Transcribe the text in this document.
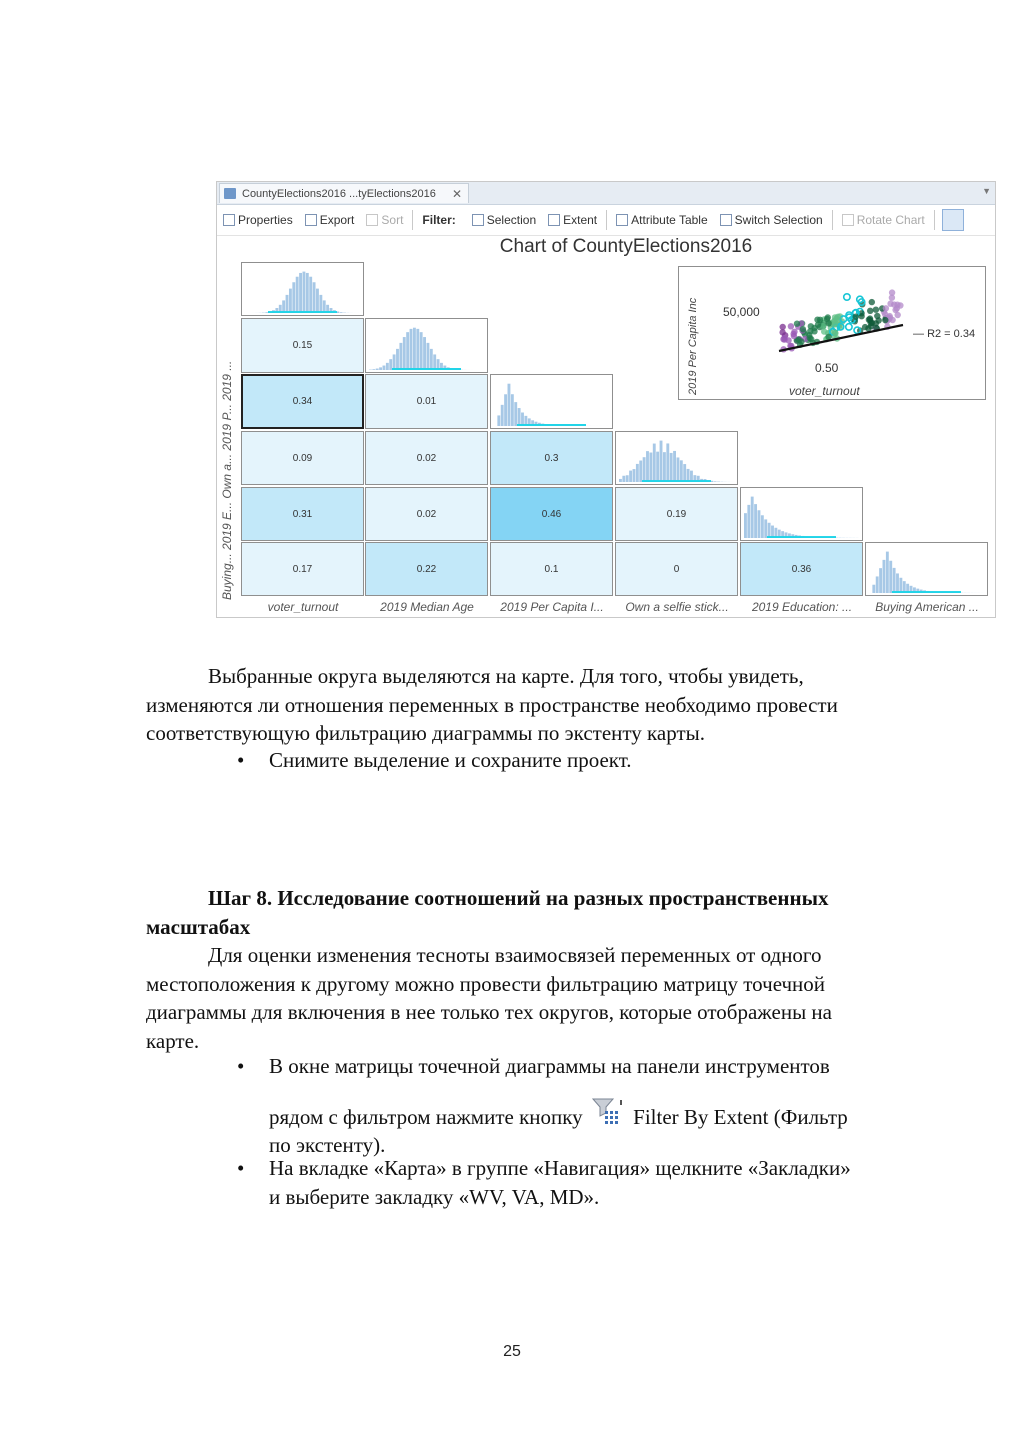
CountyElections2016 ...tyElections2016 ✕	▼
Properties Export Sort Filter:	Selection Extent	Attribute Table Switch Selection	Rotate Chart
Chart of CountyElections2016
Buying... 2019 E... Own a... 2019 P... 2019 ...
0.15
0.34	0.01
0.09	0.02	0.3
0.31	0.02	0.46	0.19
0.17	0.22	0.1	0	0.36
voter_turnout	2019 Median Age	2019 Per Capita I...	Own a selfie stick...	2019 Education: ...	Buying American ...
2019 Per Capita Inc 50,000
0.50
voter_turnout
— R2 = 0.34
Выбранные округа выделяются на карте. Для того, чтобы увидеть,
изменяются ли отношения переменных в пространстве необходимо провести
соответствующую фильтрацию диаграммы по экстенту карты.
• Снимите выделение и сохраните проект.
Шаг 8. Исследование соотношений на разных пространственных
масштабах
Для оценки изменения тесноты взаимосвязей переменных от одного
местоположения к другому можно провести фильтрацию матрицу точечной
диаграммы для включения в нее только тех округов, которые отображены на
карте.
• В окне матрицы точечной диаграммы на панели инструментов
рядом с фильтром нажмите кнопку Filter By Extent (Фильтр
по экстенту).
• На вкладке «Карта» в группе «Навигация» щелкните «Закладки»
и выберите закладку «WV, VA, MD».
25
